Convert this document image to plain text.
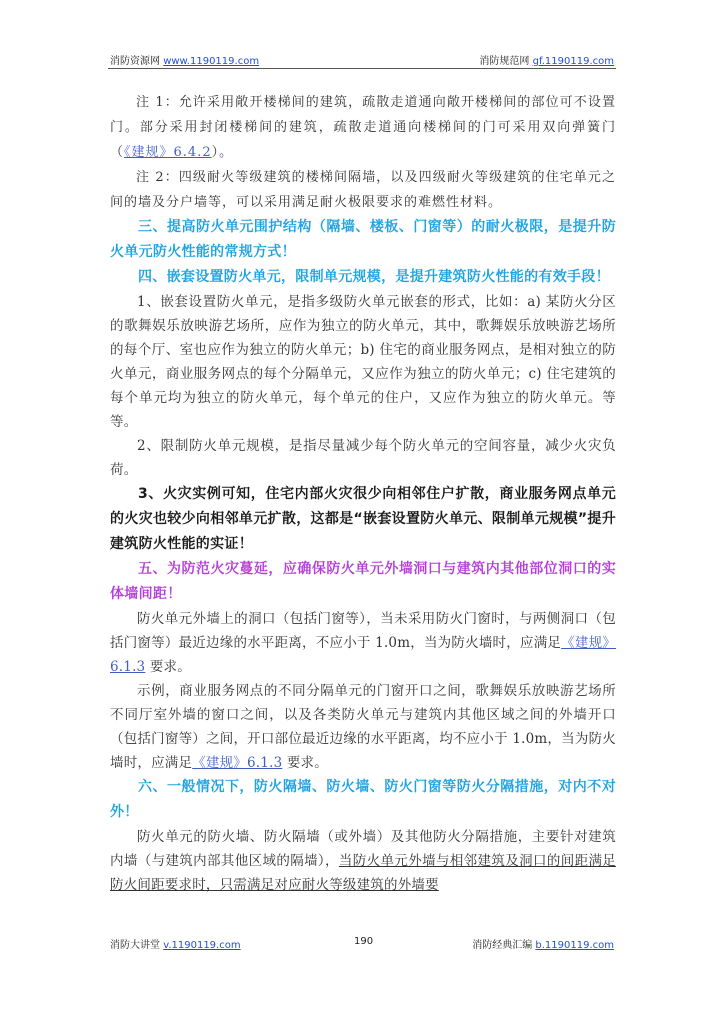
消防资源网 www.1190119.com	消防规范网 gf.1190119.com

注 1：允许采用敞开楼梯间的建筑，疏散走道通向敞开楼梯间的部位可不设置门。部分采用封闭楼梯间的建筑，疏散走道通向楼梯间的门可采用双向弹簧门（《建规》6.4.2）。

注 2：四级耐火等级建筑的楼梯间隔墙，以及四级耐火等级建筑的住宅单元之间的墙及分户墙等，可以采用满足耐火极限要求的难燃性材料。

三、提高防火单元围护结构（隔墙、楼板、门窗等）的耐火极限，是提升防火单元防火性能的常规方式！

四、嵌套设置防火单元，限制单元规模，是提升建筑防火性能的有效手段！

1、嵌套设置防火单元，是指多级防火单元嵌套的形式，比如：a) 某防火分区的歌舞娱乐放映游艺场所，应作为独立的防火单元，其中，歌舞娱乐放映游艺场所的每个厅、室也应作为独立的防火单元；b) 住宅的商业服务网点，是相对独立的防火单元，商业服务网点的每个分隔单元，又应作为独立的防火单元；c) 住宅建筑的每个单元均为独立的防火单元，每个单元的住户，又应作为独立的防火单元。等等。

2、限制防火单元规模，是指尽量减少每个防火单元的空间容量，减少火灾负荷。

3、火灾实例可知，住宅内部火灾很少向相邻住户扩散，商业服务网点单元的火灾也较少向相邻单元扩散，这都是“嵌套设置防火单元、限制单元规模”提升建筑防火性能的实证！

五、为防范火灾蔓延，应确保防火单元外墙洞口与建筑内其他部位洞口的实体墙间距！

防火单元外墙上的洞口（包括门窗等），当未采用防火门窗时，与两侧洞口（包括门窗等）最近边缘的水平距离，不应小于 1.0m，当为防火墙时，应满足《建规》6.1.3 要求。

示例，商业服务网点的不同分隔单元的门窗开口之间，歌舞娱乐放映游艺场所不同厅室外墙的窗口之间，以及各类防火单元与建筑内其他区域之间的外墙开口（包括门窗等）之间，开口部位最近边缘的水平距离，均不应小于 1.0m，当为防火墙时，应满足《建规》6.1.3 要求。

六、一般情况下，防火隔墙、防火墙、防火门窗等防火分隔措施，对内不对外！

防火单元的防火墙、防火隔墙（或外墙）及其他防火分隔措施，主要针对建筑内墙（与建筑内部其他区域的隔墙），当防火单元外墙与相邻建筑及洞口的间距满足防火间距要求时，只需满足对应耐火等级建筑的外墙要

消防大讲堂 v.1190119.com	190	消防经典汇编 b.1190119.com
